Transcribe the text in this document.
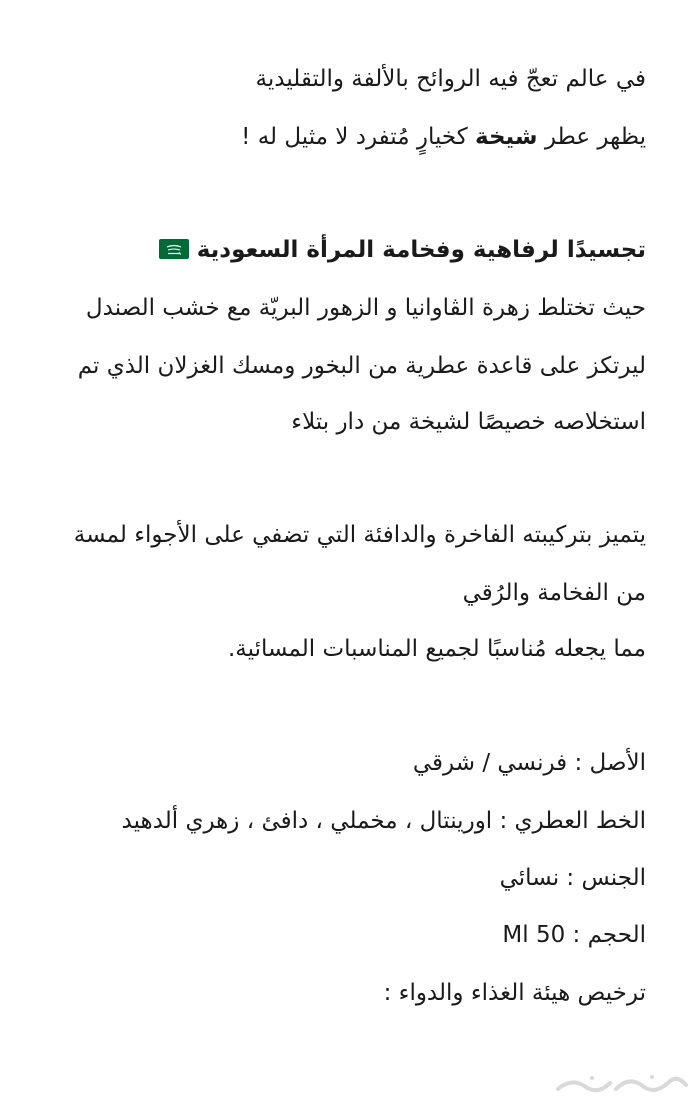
في عالم تعجّ فيه الروائح بالألفة والتقليدية
يظهر عطر شيخة كخيارٍ مُتفرد لا مثيل له !
تجسيدًا لرفاهية وفخامة المرأة السعودية
حيث تختلط زهرة الڤاوانيا و الزهور البريّة مع خشب الصندل
ليرتكز على قاعدة عطرية من البخور ومسك الغزلان الذي تم
استخلاصه خصيصًا لشيخة من دار بتلاء
يتميز بتركيبته الفاخرة والدافئة التي تضفي على الأجواء لمسة
من الفخامة والرُقي
مما يجعله مُناسبًا لجميع المناسبات المسائية.
الأصل : فرنسي / شرقي
الخط العطري : اورينتال ، مخملي ، دافئ ، زهري ألدهيد
الجنس : نسائي
الحجم : 50 Ml
ترخيص هيئة الغذاء والدواء :
